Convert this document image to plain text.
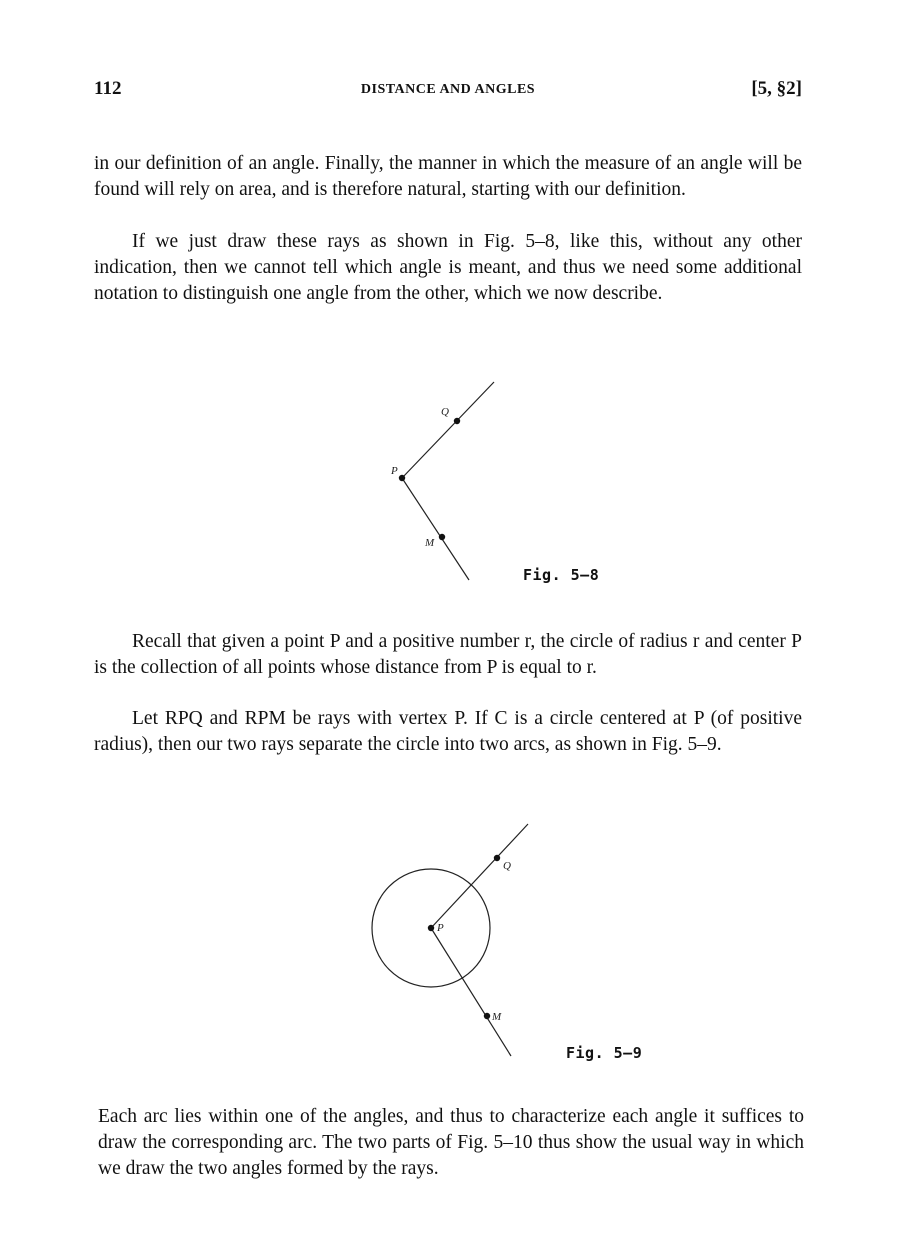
112	DISTANCE AND ANGLES	[5, §2]

in our definition of an angle. Finally, the manner in which the measure of an angle will be found will rely on area, and is therefore natural, starting with our definition.

If we just draw these rays as shown in Fig. 5–8, like this, without any other indication, then we cannot tell which angle is meant, and thus we need some additional notation to distinguish one angle from the other, which we now describe.

Q
P
M
Q
P
M
Fig. 5–8

Recall that given a point P and a positive number r, the circle of radius r and center P is the collection of all points whose distance from P is equal to r.

Let RPQ and RPM be rays with vertex P. If C is a circle centered at P (of positive radius), then our two rays separate the circle into two arcs, as shown in Fig. 5–9.

Fig. 5–9

Each arc lies within one of the angles, and thus to characterize each angle it suffices to draw the corresponding arc. The two parts of Fig. 5–10 thus show the usual way in which we draw the two angles formed by the rays.
